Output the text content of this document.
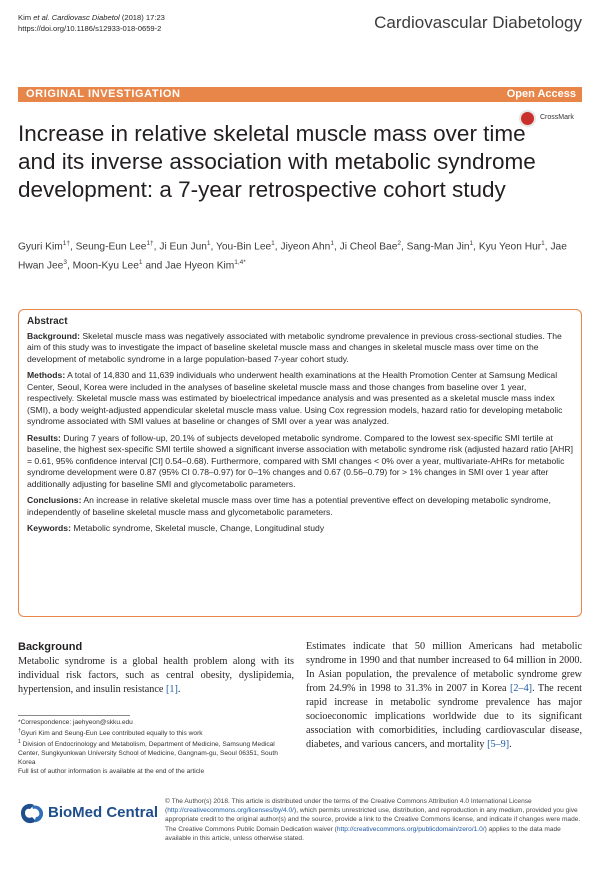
Kim et al. Cardiovasc Diabetol (2018) 17:23
https://doi.org/10.1186/s12933-018-0659-2	Cardiovascular Diabetology
ORIGINAL INVESTIGATION	Open Access
CrossMark
Increase in relative skeletal muscle mass over time and its inverse association with metabolic syndrome development: a 7-year retrospective cohort study
Gyuri Kim$^{1\dagger}$, Seung-Eun Lee$^{1\dagger}$, Ji Eun Jun$^1$, You-Bin Lee$^1$, Jiyeon Ahn$^1$, Ji Cheol Bae$^2$, Sang-Man Jin$^1$, Kyu Yeon Hur$^1$, Jae Hwan Jee$^3$, Moon-Kyu Lee$^1$ and Jae Hyeon Kim$^{1,4*}$
Abstract

Background: Skeletal muscle mass was negatively associated with metabolic syndrome prevalence in previous cross-sectional studies. The aim of this study was to investigate the impact of baseline skeletal muscle mass and changes in skeletal muscle mass over time on the development of metabolic syndrome in a large population-based 7-year cohort study.

Methods: A total of 14,830 and 11,639 individuals who underwent health examinations at the Health Promotion Center at Samsung Medical Center, Seoul, Korea were included in the analyses of baseline skeletal muscle mass and those changes from baseline over 1 year, respectively. Skeletal muscle mass was estimated by bioelectrical impedance analysis and was presented as a skeletal muscle mass index (SMI), a body weight-adjusted appendicular skeletal muscle mass value. Using Cox regression models, hazard ratio for developing metabolic syndrome associated with SMI values at baseline or changes of SMI over a year was analyzed.

Results: During 7 years of follow-up, 20.1% of subjects developed metabolic syndrome. Compared to the lowest sex-specific SMI tertile at baseline, the highest sex-specific SMI tertile showed a significant inverse association with metabolic syndrome risk (adjusted hazard ratio [AHR] = 0.61, 95% confidence interval [CI] 0.54–0.68). Furthermore, compared with SMI changes < 0% over a year, multivariate-AHRs for metabolic syndrome development were 0.87 (95% CI 0.78–0.97) for 0–1% changes and 0.67 (0.56–0.79) for > 1% changes in SMI over 1 year after additionally adjusting for baseline SMI and glycometabolic parameters.

Conclusions: An increase in relative skeletal muscle mass over time has a potential preventive effect on developing metabolic syndrome, independently of baseline skeletal muscle mass and glycometabolic parameters.

Keywords: Metabolic syndrome, Skeletal muscle, Change, Longitudinal study

Background

Metabolic syndrome is a global health problem along with its individual risk factors, such as central obesity, dyslipidemia, hypertension, and insulin resistance [1].

Estimates indicate that 50 million Americans had metabolic syndrome in 1990 and that number increased to 64 million in 2000. In Asian population, the prevalence of metabolic syndrome grew from 24.9% in 1998 to 31.3% in 2007 in Korea [2–4]. The recent rapid increase in metabolic syndrome prevalence has major socioeconomic implications worldwide due to its significant association with comorbidities, including cardiovascular disease, diabetes, and various cancers, and mortality [5–9].

*Correspondence: jaehyeon@skku.edu
†Gyuri Kim and Seung-Eun Lee contributed equally to this work
$^1$ Division of Endocrinology and Metabolism, Department of Medicine, Samsung Medical Center, Sungkyunkwan University School of Medicine, Gangnam-gu, Seoul 06351, South Korea
Full list of author information is available at the end of the article
BioMed Central
© The Author(s) 2018. This article is distributed under the terms of the Creative Commons Attribution 4.0 International License (http://creativecommons.org/licenses/by/4.0/), which permits unrestricted use, distribution, and reproduction in any medium, provided you give appropriate credit to the original author(s) and the source, provide a link to the Creative Commons license, and indicate if changes were made. The Creative Commons Public Domain Dedication waiver (http://creativecommons.org/publicdomain/zero/1.0/) applies to the data made available in this article, unless otherwise stated.
